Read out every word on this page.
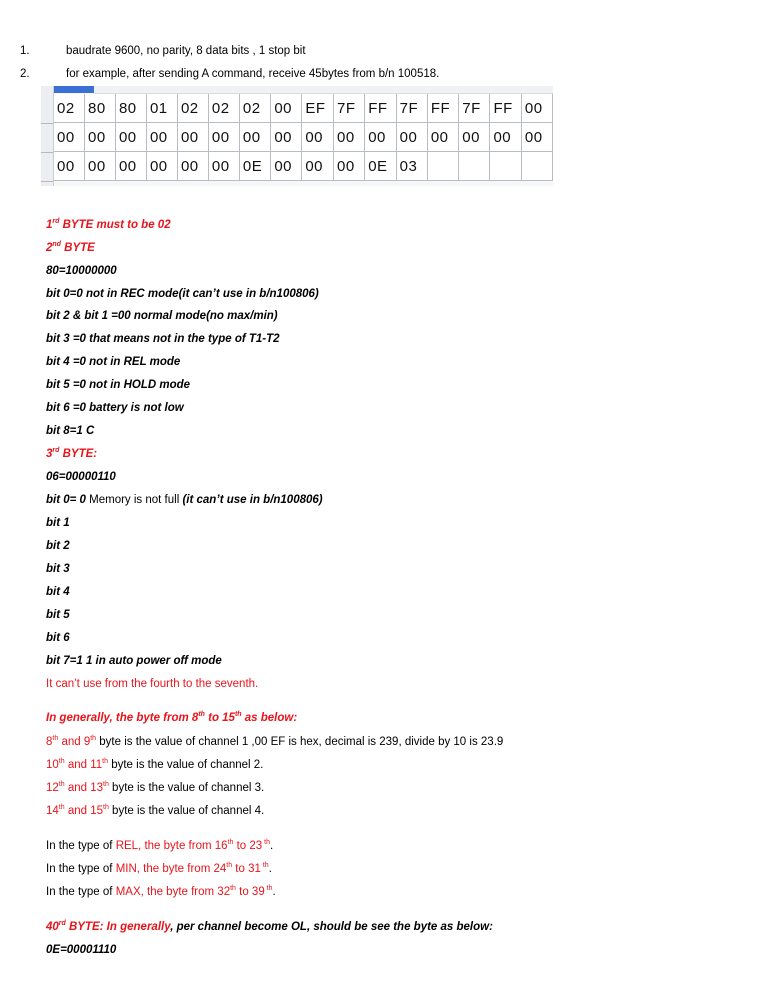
1.	baudrate 9600, no parity, 8 data bits , 1 stop bit
2.	for example, after sending A command, receive 45bytes from b/n 100518.
02	80	80	01	02	02	02	00	EF	7F	FF	7F	FF	7F	FF	00
00	00	00	00	00	00	00	00	00	00	00	00	00	00	00	00
00	00	00	00	00	00	0E	00	00	00	0E	03				
1rd BYTE must to be 02
2nd BYTE
80=10000000
bit 0=0 not in REC mode(it can’t use in b/n100806)
bit 2 & bit 1 =00 normal mode(no max/min)
bit 3 =0 that means not in the type of T1-T2
bit 4 =0 not in REL mode
bit 5 =0 not in HOLD mode
bit 6 =0 battery is not low
bit 8=1 C
3rd BYTE:
06=00000110
bit 0= 0 Memory is not full (it can’t use in b/n100806)
bit 1
bit 2
bit 3
bit 4
bit 5
bit 6
bit 7=1 1 in auto power off mode
It can’t use from the fourth to the seventh.
In generally, the byte from 8th to 15th as below:
8th and 9th byte is the value of channel 1 ,00 EF is hex, decimal is 239, divide by 10 is 23.9
10th and 11th byte is the value of channel 2.
12th and 13th byte is the value of channel 3.
14th and 15th byte is the value of channel 4.
In the type of REL, the byte from 16th to 23 $^{th}$.
In the type of MIN, the byte from 24th to 31 $^{th}$.
In the type of MAX, the byte from 32th to 39 $^{th}$.
40rd BYTE: In generally, per channel become OL, should be see the byte as below:
0E=00001110
